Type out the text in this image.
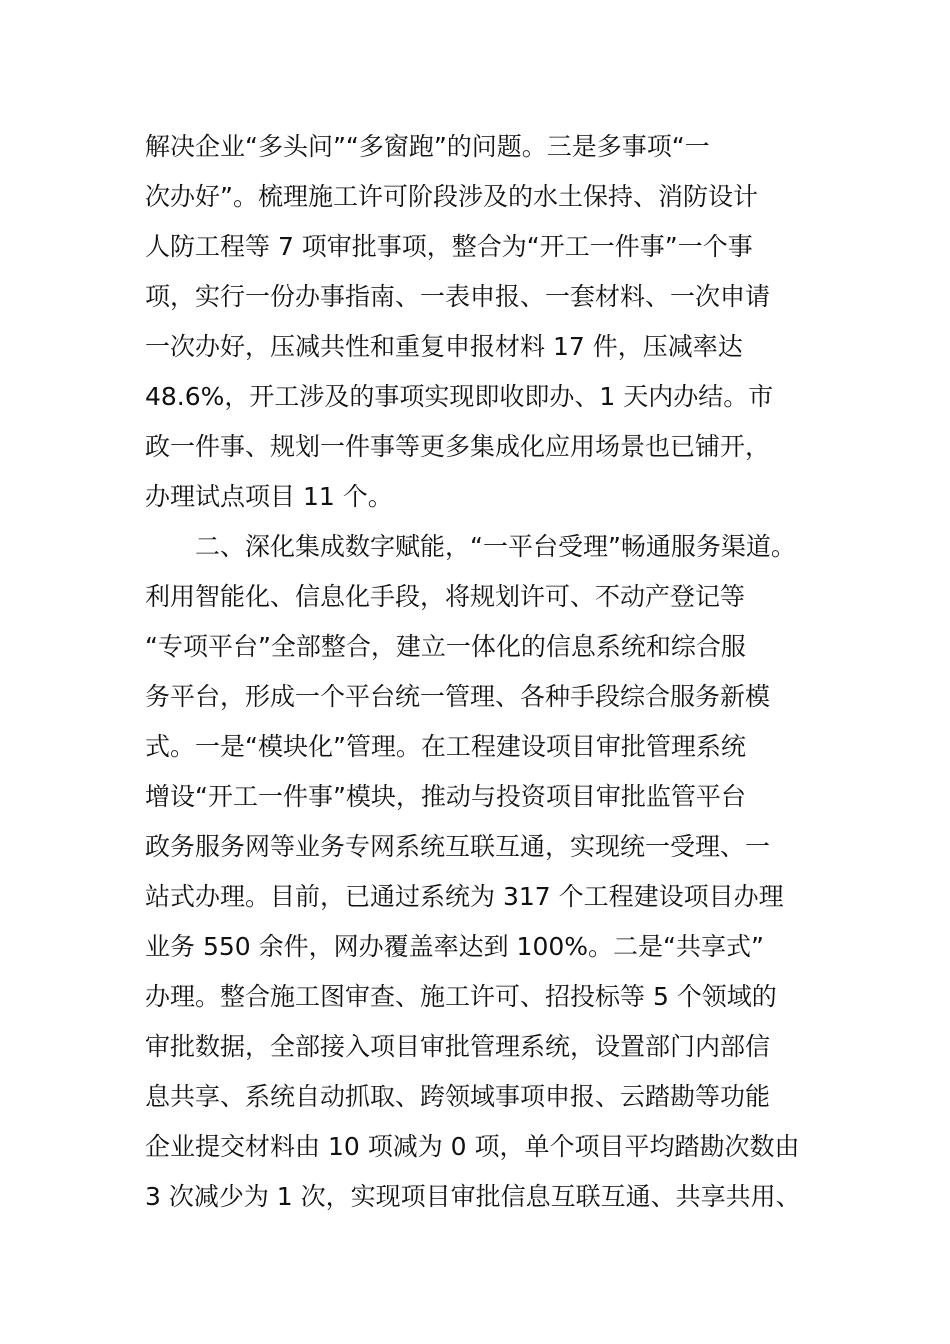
解决企业“多头问”“多窗跑”的问题。三是多事项“一
次办好”。梳理施工许可阶段涉及的水土保持、消防设计
人防工程等 7 项审批事项，整合为“开工一件事”一个事
项，实行一份办事指南、一表申报、一套材料、一次申请
一次办好，压减共性和重复申报材料 17 件，压减率达
48.6%，开工涉及的事项实现即收即办、1 天内办结。市
政一件事、规划一件事等更多集成化应用场景也已铺开，
办理试点项目 11 个。
二、深化集成数字赋能，“一平台受理”畅通服务渠道。
利用智能化、信息化手段，将规划许可、不动产登记等
“专项平台”全部整合，建立一体化的信息系统和综合服
务平台，形成一个平台统一管理、各种手段综合服务新模
式。一是“模块化”管理。在工程建设项目审批管理系统
增设“开工一件事”模块，推动与投资项目审批监管平台
政务服务网等业务专网系统互联互通，实现统一受理、一
站式办理。目前，已通过系统为 317 个工程建设项目办理
业务 550 余件，网办覆盖率达到 100%。二是“共享式”
办理。整合施工图审查、施工许可、招投标等 5 个领域的
审批数据，全部接入项目审批管理系统，设置部门内部信
息共享、系统自动抓取、跨领域事项申报、云踏勘等功能
企业提交材料由 10 项减为 0 项，单个项目平均踏勘次数由
3 次减少为 1 次，实现项目审批信息互联互通、共享共用、
